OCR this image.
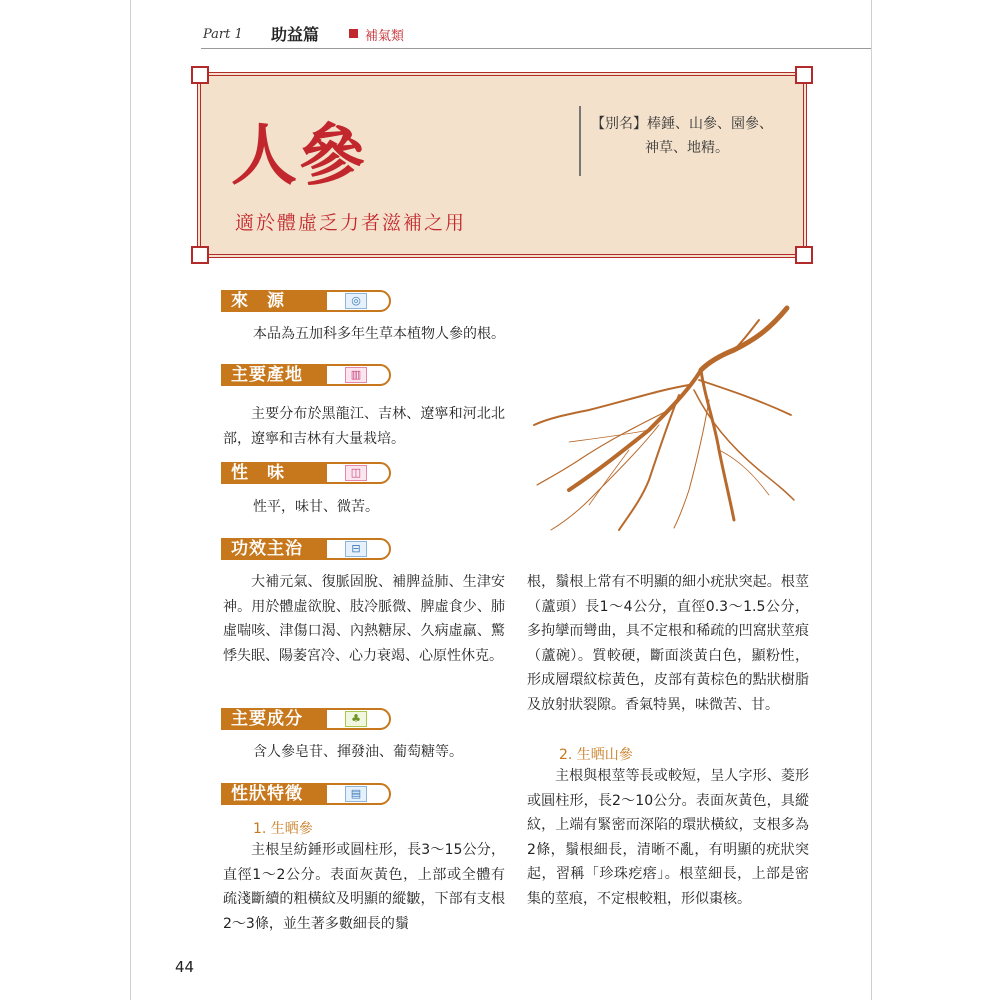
Part 1 助益篇	補氣類
人參
適於體虛乏力者滋補之用
【別名】棒錘、山參、園參、
神草、地精。
來　源	◎
本品為五加科多年生草本植物人參的根。
主要產地	▥
主要分布於黑龍江、吉林、遼寧和河北北部，遼寧和吉林有大量栽培。
性　味	◫
性平，味甘、微苦。
功效主治	⊟
大補元氣、復脈固脫、補脾益肺、生津安神。用於體虛欲脫、肢冷脈微、脾虛食少、肺虛喘咳、津傷口渴、內熱糖尿、久病虛羸、驚悸失眠、陽萎宮冷、心力衰竭、心原性休克。
主要成分	♣
含人參皂苷、揮發油、葡萄糖等。
性狀特徵	▤
1. 生晒參
主根呈紡錘形或圓柱形，長3～15公分，直徑1～2公分。表面灰黃色，上部或全體有疏淺斷續的粗橫紋及明顯的縱皺，下部有支根2～3條，並生著多數細長的鬚
根，鬚根上常有不明顯的細小疣狀突起。根莖（蘆頭）長1～4公分，直徑0.3～1.5公分，多拘攣而彎曲，具不定根和稀疏的凹窩狀莖痕（蘆碗）。質較硬，斷面淡黃白色，顯粉性，形成層環紋棕黃色，皮部有黃棕色的點狀樹脂及放射狀裂隙。香氣特異，味微苦、甘。
2. 生晒山參
主根與根莖等長或較短，呈人字形、菱形或圓柱形，長2～10公分。表面灰黃色，具縱紋，上端有緊密而深陷的環狀橫紋，支根多為2條，鬚根細長，清晰不亂，有明顯的疣狀突起，習稱「珍珠疙瘩」。根莖細長，上部是密集的莖痕，不定根較粗，形似棗核。
44
